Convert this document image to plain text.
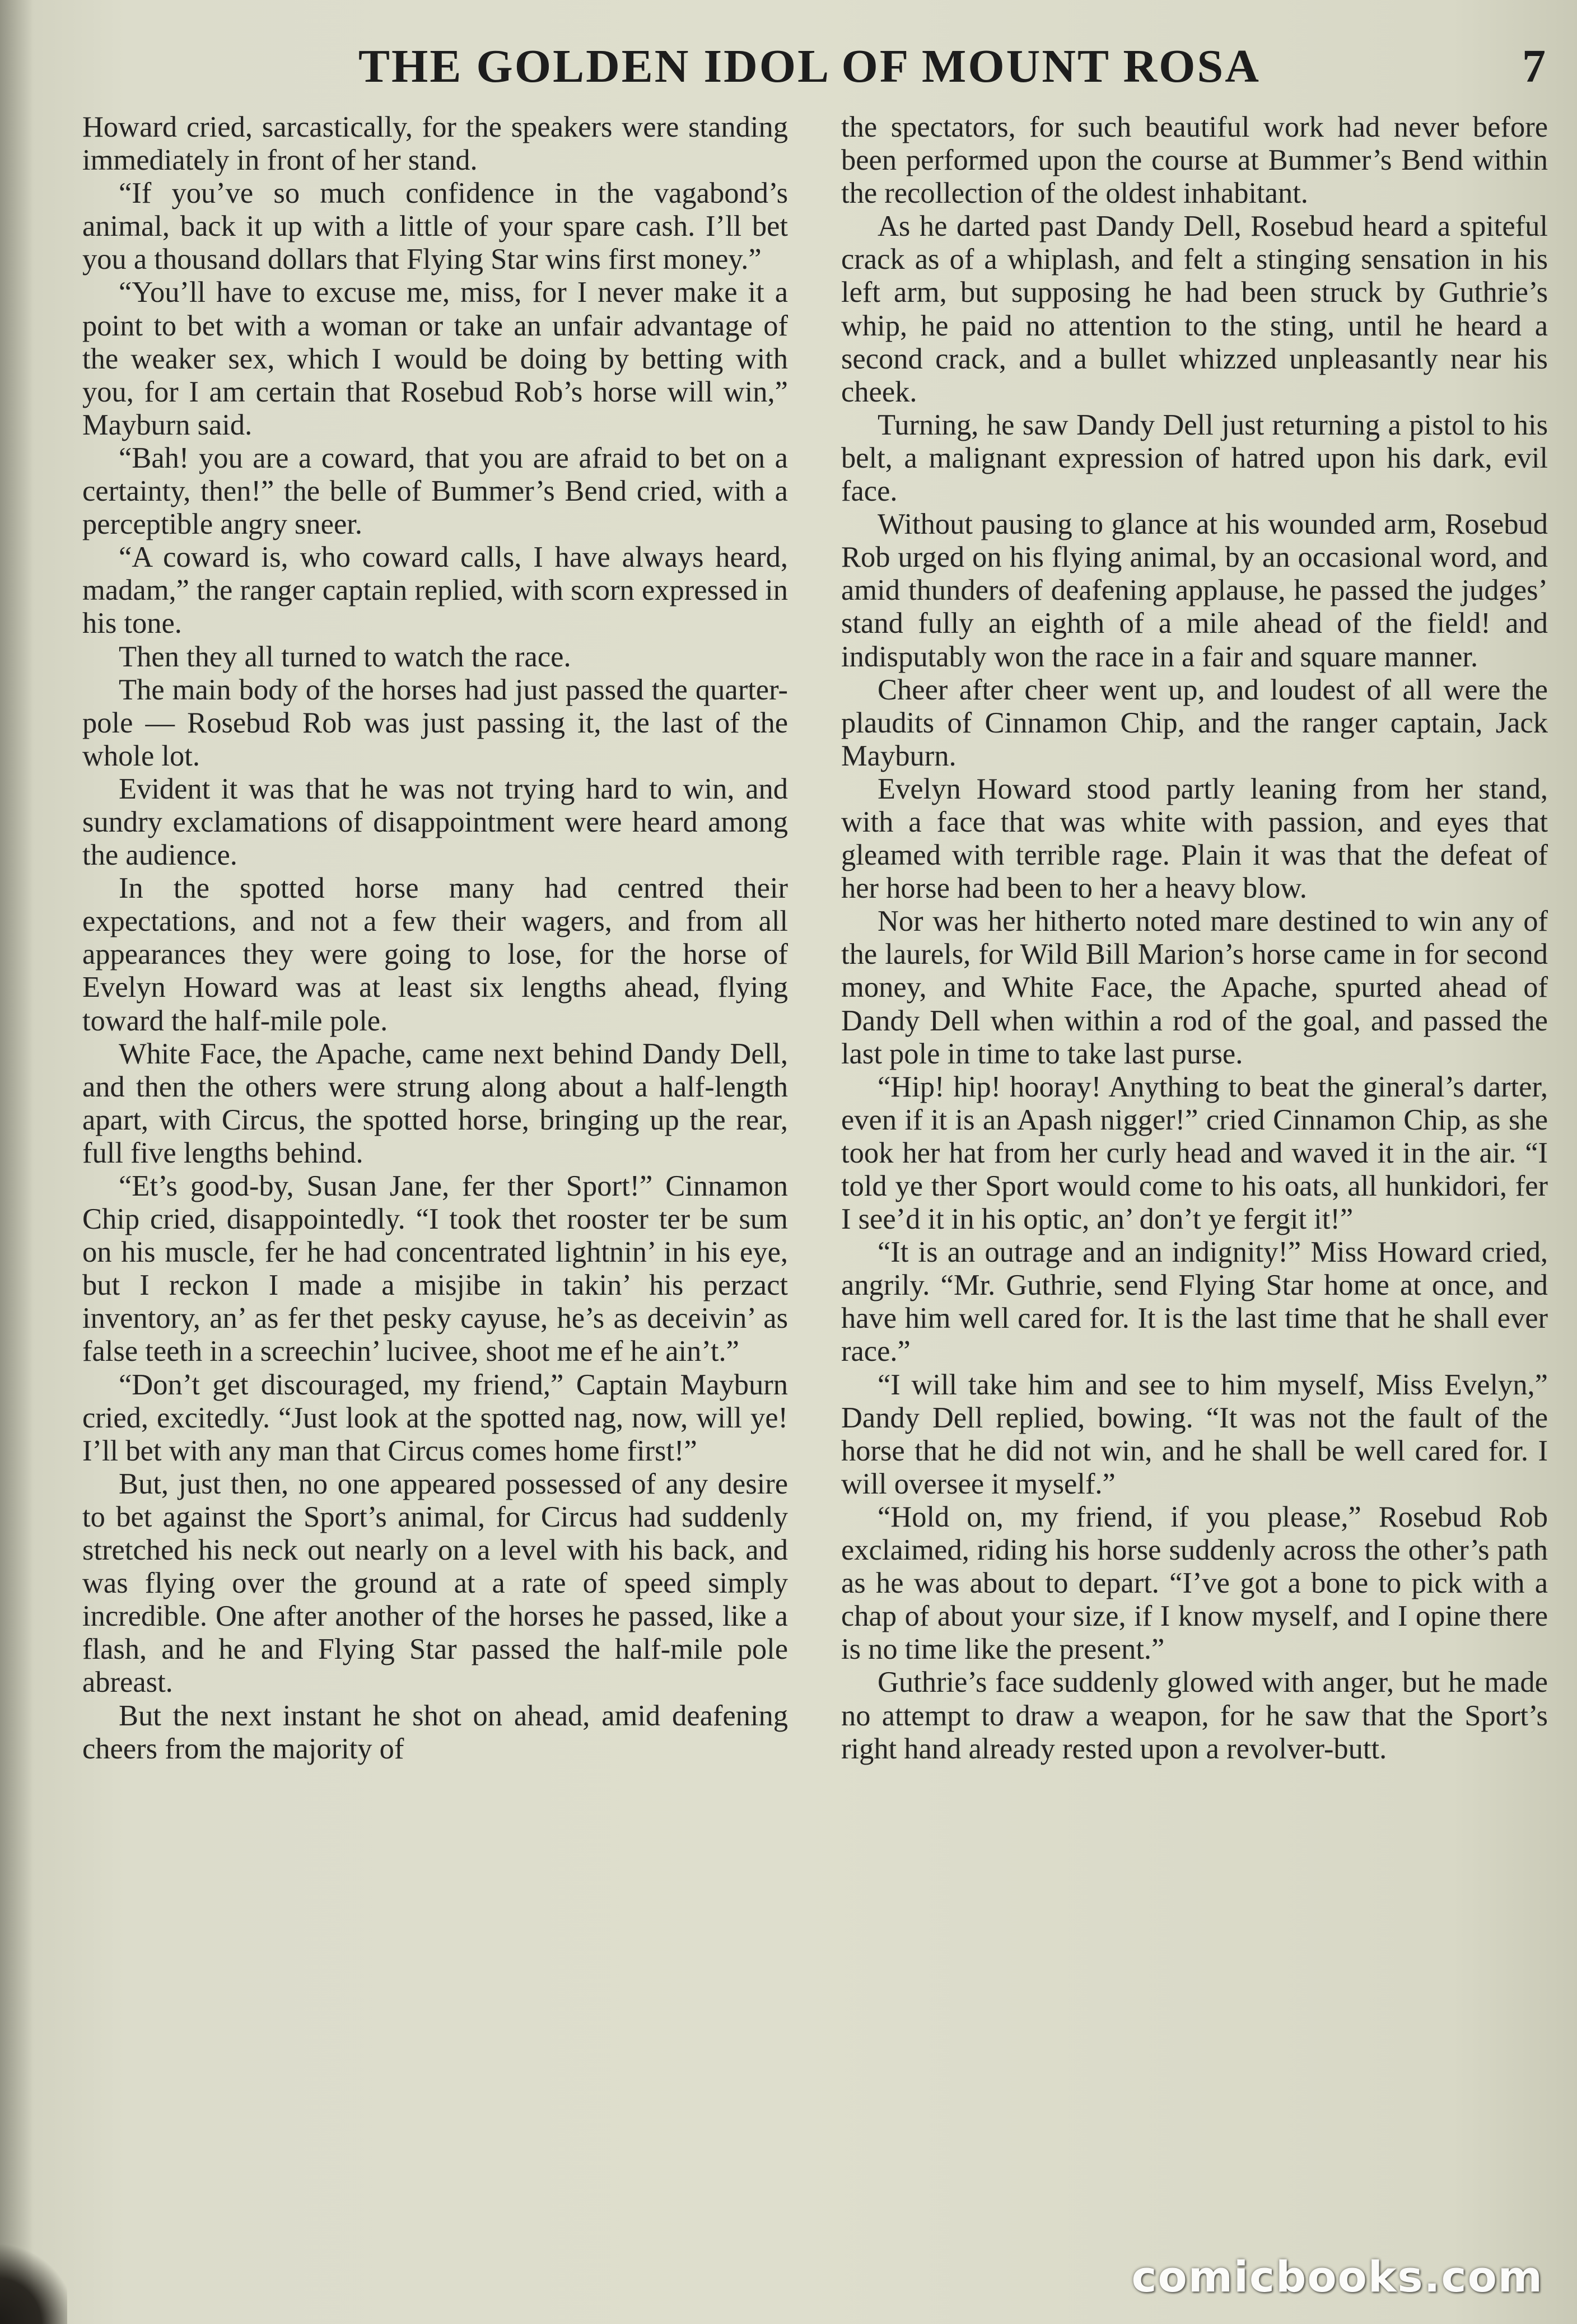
THE GOLDEN IDOL OF MOUNT ROSA	7

Howard cried, sarcastically, for the speakers were standing immediately in front of her stand.

“If you’ve so much confidence in the vagabond’s animal, back it up with a little of your spare cash. I’ll bet you a thousand dollars that Flying Star wins first money.”

“You’ll have to excuse me, miss, for I never make it a point to bet with a woman or take an unfair advantage of the weaker sex, which I would be doing by betting with you, for I am certain that Rosebud Rob’s horse will win,” Mayburn said.

“Bah! you are a coward, that you are afraid to bet on a certainty, then!” the belle of Bummer’s Bend cried, with a perceptible angry sneer.

“A coward is, who coward calls, I have always heard, madam,” the ranger captain replied, with scorn expressed in his tone.

Then they all turned to watch the race.

The main body of the horses had just passed the quarter-pole — Rosebud Rob was just passing it, the last of the whole lot.

Evident it was that he was not trying hard to win, and sundry exclamations of disappointment were heard among the audience.

In the spotted horse many had centred their expectations, and not a few their wagers, and from all appearances they were going to lose, for the horse of Evelyn Howard was at least six lengths ahead, flying toward the half-mile pole.

White Face, the Apache, came next behind Dandy Dell, and then the others were strung along about a half-length apart, with Circus, the spotted horse, bringing up the rear, full five lengths behind.

“Et’s good-by, Susan Jane, fer ther Sport!” Cinnamon Chip cried, disappointedly. “I took thet rooster ter be sum on his muscle, fer he had concentrated lightnin’ in his eye, but I reckon I made a misjibe in takin’ his perzact inventory, an’ as fer thet pesky cayuse, he’s as deceivin’ as false teeth in a screechin’ lucivee, shoot me ef he ain’t.”

“Don’t get discouraged, my friend,” Captain Mayburn cried, excitedly. “Just look at the spotted nag, now, will ye! I’ll bet with any man that Circus comes home first!”

But, just then, no one appeared possessed of any desire to bet against the Sport’s animal, for Circus had suddenly stretched his neck out nearly on a level with his back, and was flying over the ground at a rate of speed simply incredible. One after another of the horses he passed, like a flash, and he and Flying Star passed the half-mile pole abreast.

But the next instant he shot on ahead, amid deafening cheers from the majority of

the spectators, for such beautiful work had never before been performed upon the course at Bummer’s Bend within the recollection of the oldest inhabitant.

As he darted past Dandy Dell, Rosebud heard a spiteful crack as of a whiplash, and felt a stinging sensation in his left arm, but supposing he had been struck by Guthrie’s whip, he paid no attention to the sting, until he heard a second crack, and a bullet whizzed unpleasantly near his cheek.

Turning, he saw Dandy Dell just returning a pistol to his belt, a malignant expression of hatred upon his dark, evil face.

Without pausing to glance at his wounded arm, Rosebud Rob urged on his flying animal, by an occasional word, and amid thunders of deafening applause, he passed the judges’ stand fully an eighth of a mile ahead of the field! and indisputably won the race in a fair and square manner.

Cheer after cheer went up, and loudest of all were the plaudits of Cinnamon Chip, and the ranger captain, Jack Mayburn.

Evelyn Howard stood partly leaning from her stand, with a face that was white with passion, and eyes that gleamed with terrible rage. Plain it was that the defeat of her horse had been to her a heavy blow.

Nor was her hitherto noted mare destined to win any of the laurels, for Wild Bill Marion’s horse came in for second money, and White Face, the Apache, spurted ahead of Dandy Dell when within a rod of the goal, and passed the last pole in time to take last purse.

“Hip! hip! hooray! Anything to beat the gineral’s darter, even if it is an Apash nigger!” cried Cinnamon Chip, as she took her hat from her curly head and waved it in the air. “I told ye ther Sport would come to his oats, all hunkidori, fer I see’d it in his optic, an’ don’t ye fergit it!”

“It is an outrage and an indignity!” Miss Howard cried, angrily. “Mr. Guthrie, send Flying Star home at once, and have him well cared for. It is the last time that he shall ever race.”

“I will take him and see to him myself, Miss Evelyn,” Dandy Dell replied, bowing. “It was not the fault of the horse that he did not win, and he shall be well cared for. I will oversee it myself.”

“Hold on, my friend, if you please,” Rosebud Rob exclaimed, riding his horse suddenly across the other’s path as he was about to depart. “I’ve got a bone to pick with a chap of about your size, if I know myself, and I opine there is no time like the present.”

Guthrie’s face suddenly glowed with anger, but he made no attempt to draw a weapon, for he saw that the Sport’s right hand already rested upon a revolver-butt.

comicbooks.com
